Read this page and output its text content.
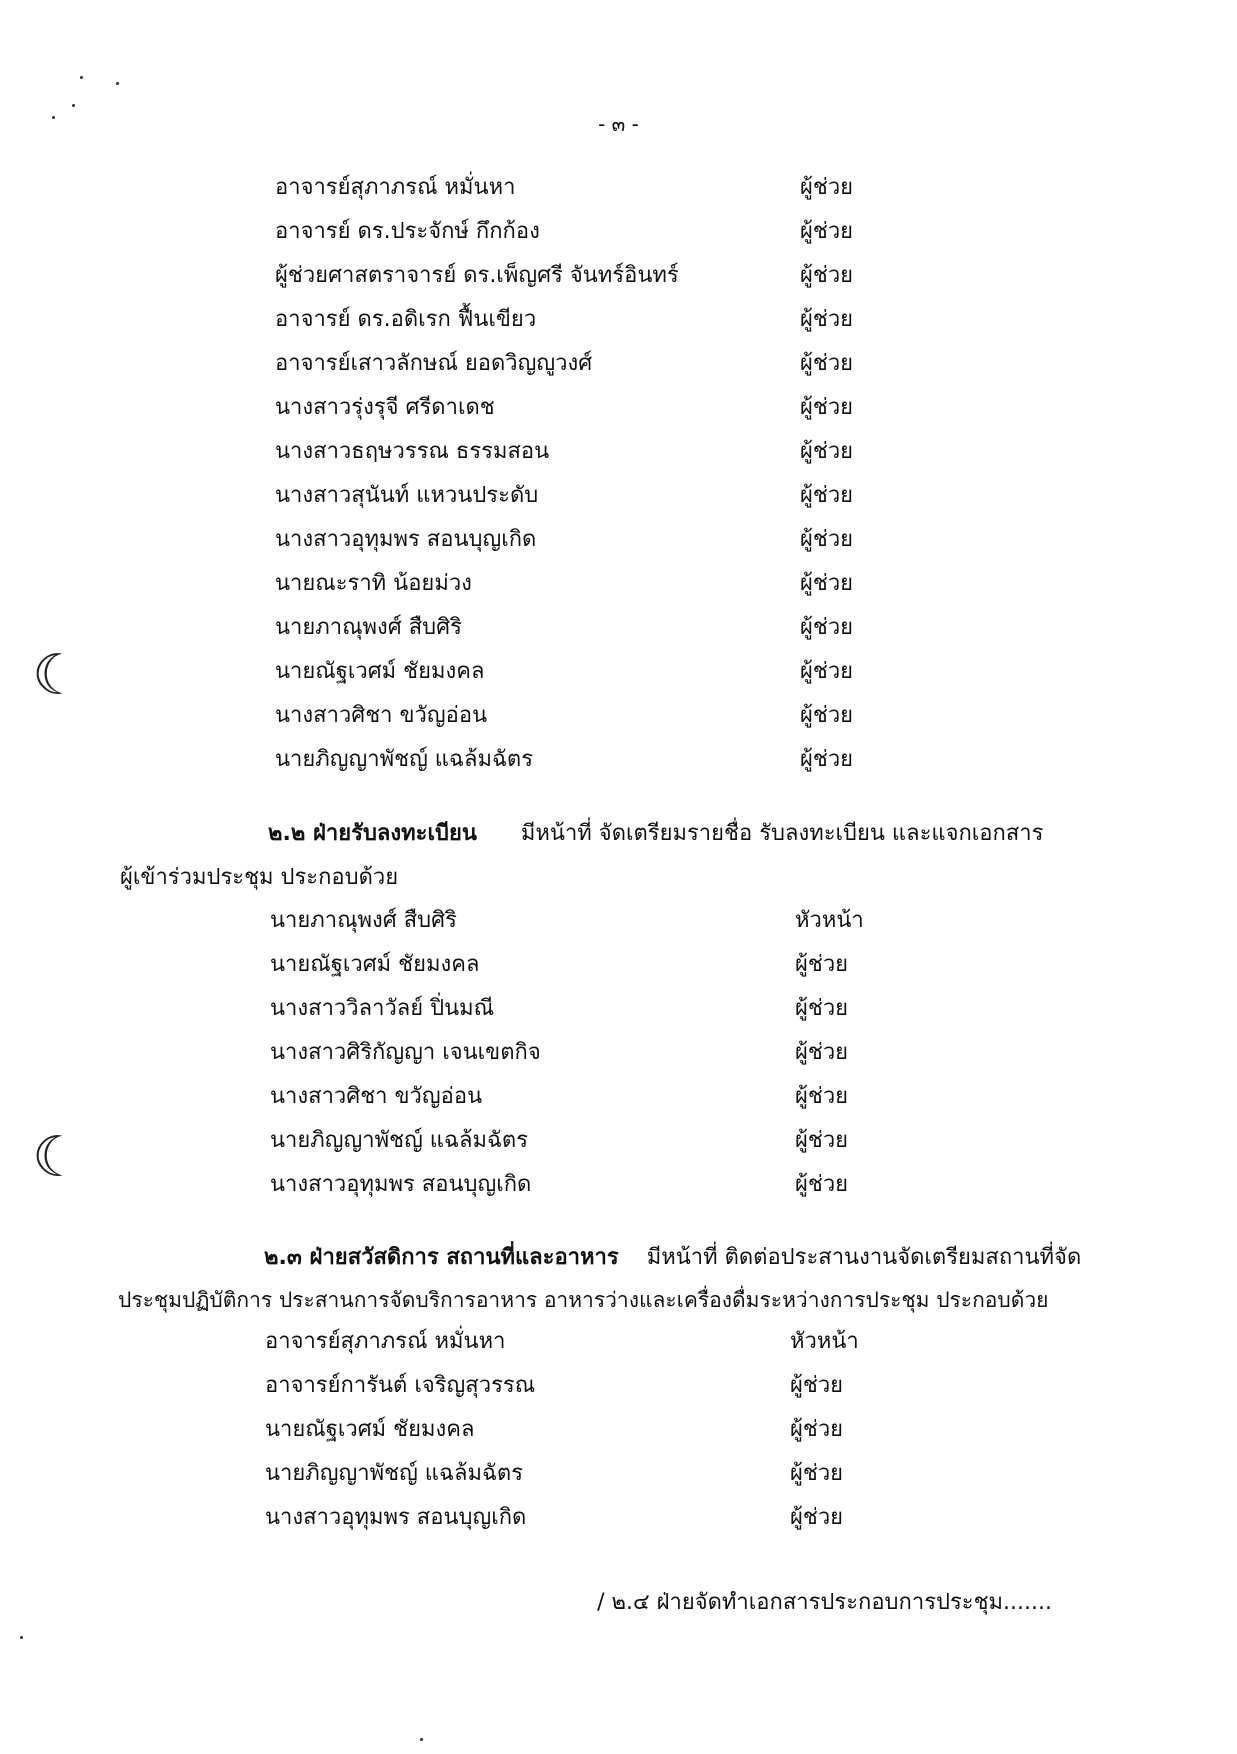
☾
☾
- ๓ -
อาจารย์สุภาภรณ์ หมั่นหา	ผู้ช่วย
อาจารย์ ดร.ประจักษ์ กึกก้อง	ผู้ช่วย
ผู้ช่วยศาสตราจารย์ ดร.เพ็ญศรี จันทร์อินทร์	ผู้ช่วย
อาจารย์ ดร.อดิเรก ฟื้นเขียว	ผู้ช่วย
อาจารย์เสาวลักษณ์ ยอดวิญญูวงศ์	ผู้ช่วย
นางสาวรุ่งรุจี ศรีดาเดช	ผู้ช่วย
นางสาวธฤษวรรณ ธรรมสอน	ผู้ช่วย
นางสาวสุนันท์ แหวนประดับ	ผู้ช่วย
นางสาวอุทุมพร สอนบุญเกิด	ผู้ช่วย
นายณะราทิ น้อยม่วง	ผู้ช่วย
นายภาณุพงศ์ สืบศิริ	ผู้ช่วย
นายณัฐเวศม์ ชัยมงคล	ผู้ช่วย
นางสาวศิชา ขวัญอ่อน	ผู้ช่วย
นายภิญญาพัชญ์ แฉล้มฉัตร	ผู้ช่วย
๒.๒ ฝ่ายรับลงทะเบียน มีหน้าที่ จัดเตรียมรายชื่อ รับลงทะเบียน และแจกเอกสาร
ผู้เข้าร่วมประชุม ประกอบด้วย
นายภาณุพงศ์ สืบศิริ	หัวหน้า
นายณัฐเวศม์ ชัยมงคล	ผู้ช่วย
นางสาววิลาวัลย์ ปิ่นมณี	ผู้ช่วย
นางสาวศิริกัญญา เจนเขตกิจ	ผู้ช่วย
นางสาวศิชา ขวัญอ่อน	ผู้ช่วย
นายภิญญาพัชญ์ แฉล้มฉัตร	ผู้ช่วย
นางสาวอุทุมพร สอนบุญเกิด	ผู้ช่วย
๒.๓ ฝ่ายสวัสดิการ สถานที่และอาหาร มีหน้าที่ ติดต่อประสานงานจัดเตรียมสถานที่จัด
ประชุมปฏิบัติการ ประสานการจัดบริการอาหาร อาหารว่างและเครื่องดื่มระหว่างการประชุม ประกอบด้วย
อาจารย์สุภาภรณ์ หมั่นหา	หัวหน้า
อาจารย์การันต์ เจริญสุวรรณ	ผู้ช่วย
นายณัฐเวศม์ ชัยมงคล	ผู้ช่วย
นายภิญญาพัชญ์ แฉล้มฉัตร	ผู้ช่วย
นางสาวอุทุมพร สอนบุญเกิด	ผู้ช่วย
/ ๒.๔ ฝ่ายจัดทำเอกสารประกอบการประชุม.......
